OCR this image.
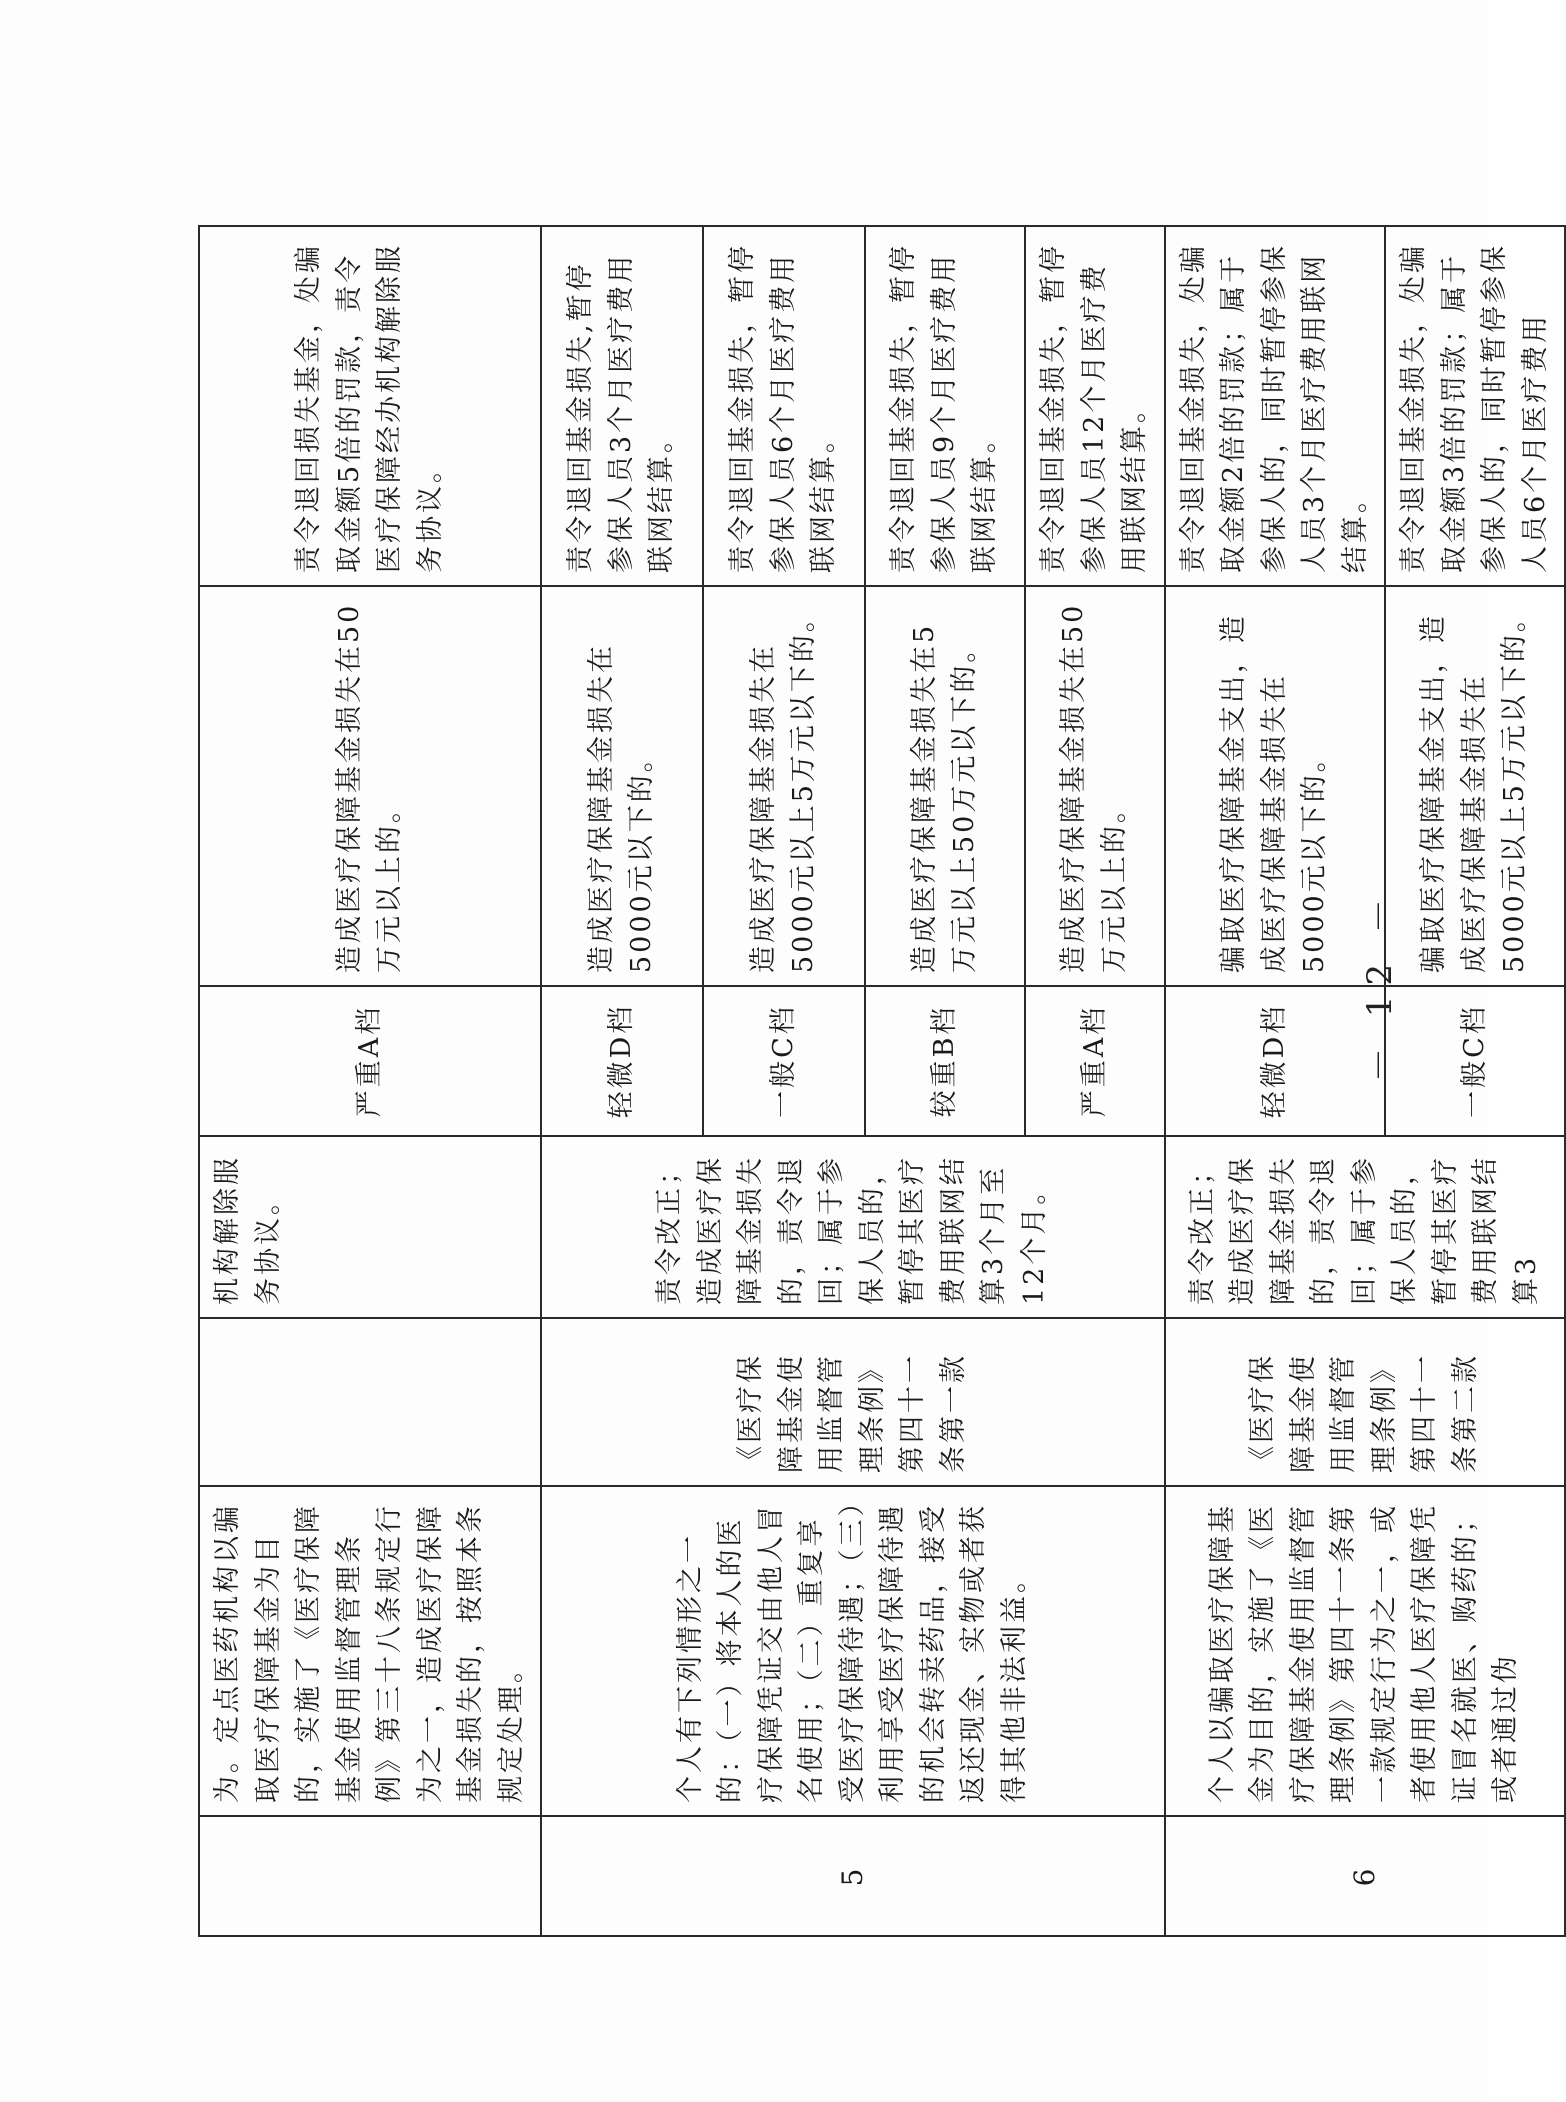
	为。定点医药机构以骗取医疗保障基金为目的，实施了《医疗保障基金使用监督管理条例》第三十八条规定行为之一，造成医疗保障基金损失的，按照本条规定处理。		机构解除服务协议。	严重A档	造成医疗保障基金损失在50万元以上的。	责令退回损失基金，处骗取金额5倍的罚款，责令医疗保障经办机构解除服务协议。
5	个人有下列情形之一的：（一）将本人的医疗保障凭证交由他人冒名使用；（二）重复享受医疗保障待遇；（三）利用享受医疗保障待遇的机会转卖药品，接受返还现金、实物或者获得其他非法利益。	《医疗保障基金使用监督管理条例》第四十一条第一款	责令改正；造成医疗保障基金损失的，责令退回；属于参保人员的，暂停其医疗费用联网结算3个月至12个月。	轻微D档	造成医疗保障基金损失在5000元以下的。	责令退回基金损失,暂停参保人员3个月医疗费用联网结算。
				一般C档	造成医疗保障基金损失在5000元以上5万元以下的。	责令退回基金损失，暂停参保人员6个月医疗费用联网结算。
				较重B档	造成医疗保障基金损失在5万元以上50万元以下的。	责令退回基金损失，暂停参保人员9个月医疗费用联网结算。
				严重A档	造成医疗保障基金损失在50万元以上的。	责令退回基金损失，暂停参保人员12个月医疗费用联网结算。
6	个人以骗取医疗保障基金为目的，实施了《医疗保障基金使用监督管理条例》第四十一条第一款规定行为之一，或者使用他人医疗保障凭证冒名就医、购药的；或者通过伪	《医疗保障基金使用监督管理条例》第四十一条第二款	责令改正；造成医疗保障基金损失的，责令退回；属于参保人员的，暂停其医疗费用联网结算3	轻微D档	骗取医疗保障基金支出，造成医疗保障基金损失在5000元以下的。	责令退回基金损失，处骗取金额2倍的罚款；属于参保人的，同时暂停参保人员3个月医疗费用联网结算。
				一般C档	骗取医疗保障基金支出，造成医疗保障基金损失在5000元以上5万元以下的。	责令退回基金损失，处骗取金额3倍的罚款；属于参保人的，同时暂停参保人员6个月医疗费用
－ 12 －
